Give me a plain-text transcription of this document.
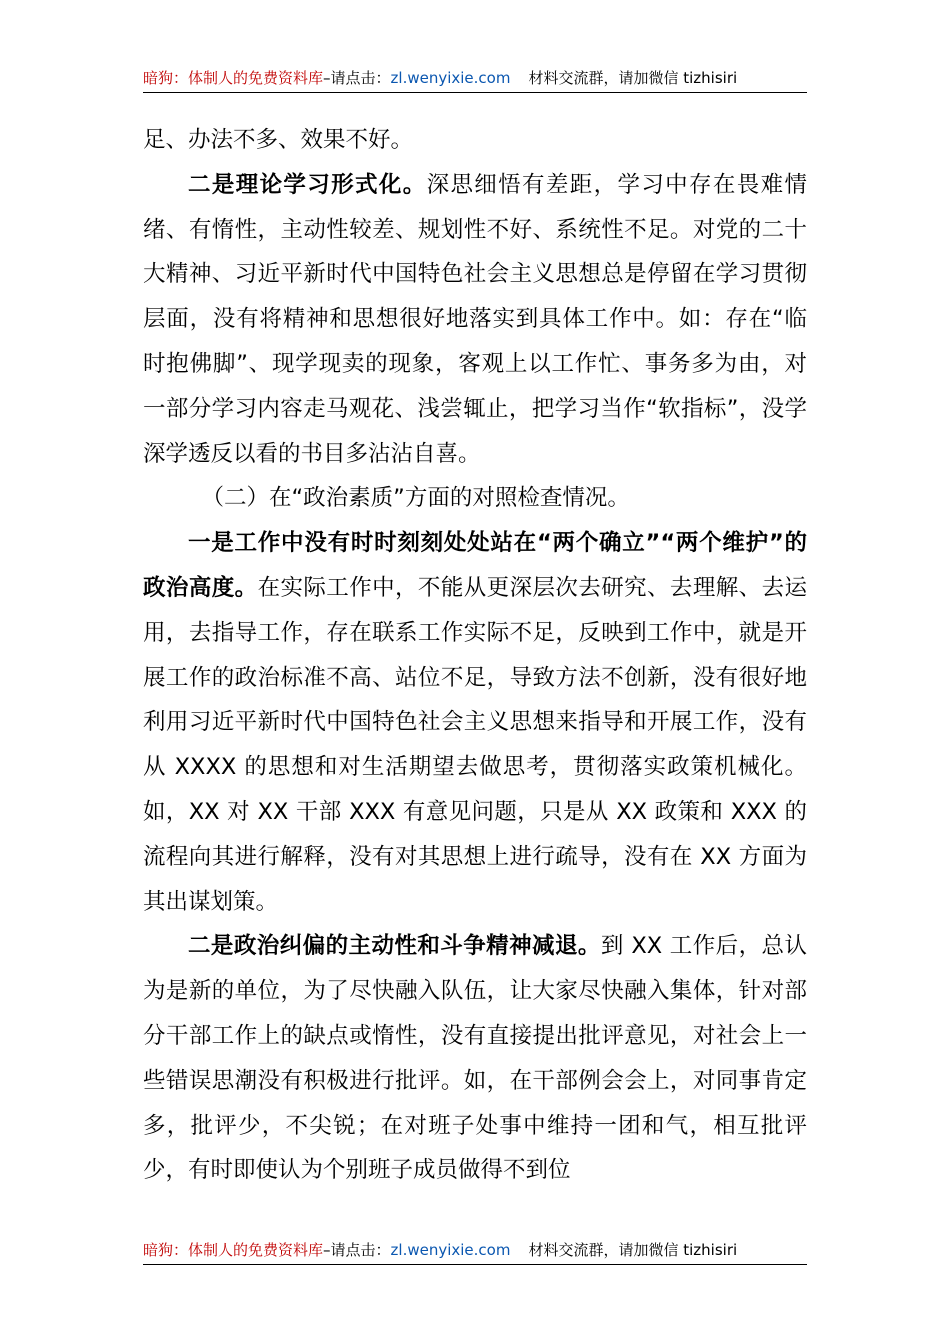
暗狗：体制人的免费资料库–请点击：zl.wenyixie.com 材料交流群，请加微信 tizhisiri

足、办法不多、效果不好。

二是理论学习形式化。深思细悟有差距，学习中存在畏难情绪、有惰性，主动性较差、规划性不好、系统性不足。对党的二十大精神、习近平新时代中国特色社会主义思想总是停留在学习贯彻层面，没有将精神和思想很好地落实到具体工作中。如：存在“临时抱佛脚”、现学现卖的现象，客观上以工作忙、事务多为由，对一部分学习内容走马观花、浅尝辄止，把学习当作“软指标”，没学深学透反以看的书目多沾沾自喜。

（二）在“政治素质”方面的对照检查情况。

一是工作中没有时时刻刻处处站在“两个确立”“两个维护”的政治高度。在实际工作中，不能从更深层次去研究、去理解、去运用，去指导工作，存在联系工作实际不足，反映到工作中，就是开展工作的政治标准不高、站位不足，导致方法不创新，没有很好地利用习近平新时代中国特色社会主义思想来指导和开展工作，没有从 XXXX 的思想和对生活期望去做思考，贯彻落实政策机械化。如，XX 对 XX 干部 XXX 有意见问题，只是从 XX 政策和 XXX 的流程向其进行解释，没有对其思想上进行疏导，没有在 XX 方面为其出谋划策。

二是政治纠偏的主动性和斗争精神减退。到 XX 工作后，总认为是新的单位，为了尽快融入队伍，让大家尽快融入集体，针对部分干部工作上的缺点或惰性，没有直接提出批评意见，对社会上一些错误思潮没有积极进行批评。如，在干部例会会上，对同事肯定多，批评少，不尖锐；在对班子处事中维持一团和气，相互批评少，有时即使认为个别班子成员做得不到位

暗狗：体制人的免费资料库–请点击：zl.wenyixie.com 材料交流群，请加微信 tizhisiri
